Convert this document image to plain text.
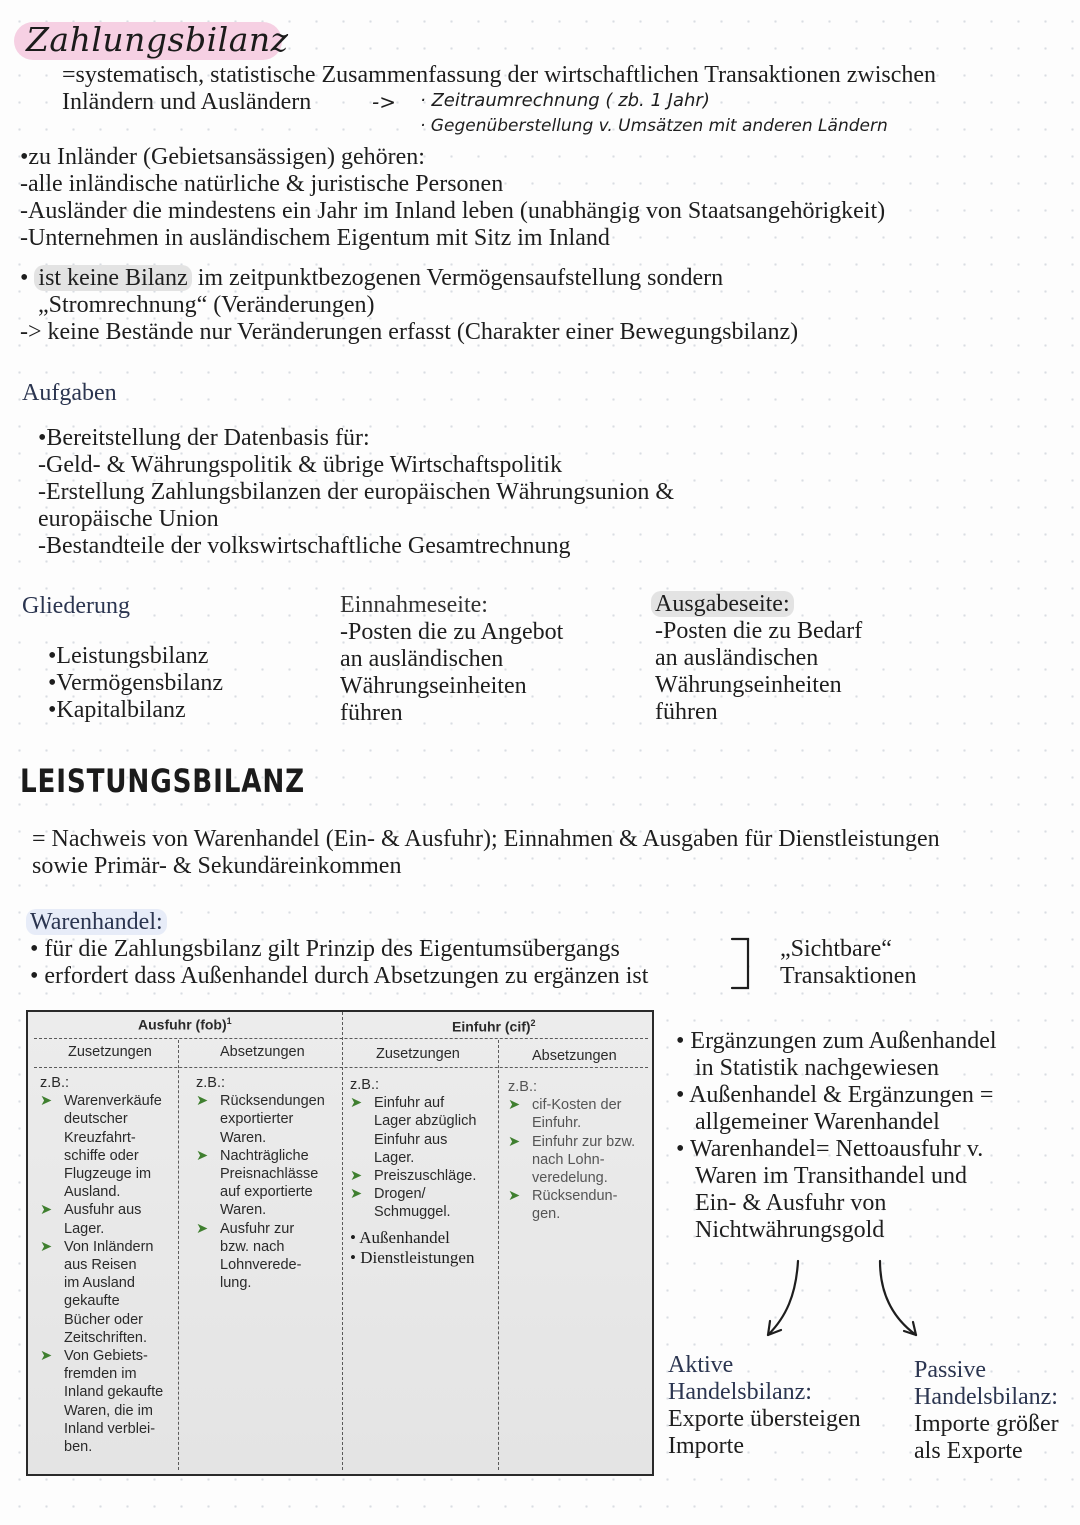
Zahlungsbilanz
=systematisch, statistische Zusammenfassung der wirtschaftlichen Transaktionen zwischen
Inländern und Ausländern	-> · Zeitraumrechnung ( zb. 1 Jahr)
· Gegenüberstellung v. Umsätzen mit anderen Ländern
•zu Inländer (Gebietsansässigen) gehören:
-alle inländische natürliche & juristische Personen
-Ausländer die mindestens ein Jahr im Inland leben (unabhängig von Staatsangehörigkeit)
-Unternehmen in ausländischem Eigentum mit Sitz im Inland
• ist keine Bilanz im zeitpunktbezogenen Vermögensaufstellung sondern
„Stromrechnung“ (Veränderungen)
-> keine Bestände nur Veränderungen erfasst (Charakter einer Bewegungsbilanz)
Aufgaben
•Bereitstellung der Datenbasis für:
-Geld- & Währungspolitik & übrige Wirtschaftspolitik
-Erstellung Zahlungsbilanzen der europäischen Währungsunion &
europäische Union
-Bestandteile der volkswirtschaftliche Gesamtrechnung
Gliederung
•Leistungsbilanz
•Vermögensbilanz
•Kapitalbilanz
Einnahmeseite:
-Posten die zu Angebot
an ausländischen
Währungseinheiten
führen
Ausgabeseite:
-Posten die zu Bedarf
an ausländischen
Währungseinheiten
führen
LEISTUNGSBILANZ
= Nachweis von Warenhandel (Ein- & Ausfuhr); Einnahmen & Ausgaben für Dienstleistungen
sowie Primär- & Sekundäreinkommen
Warenhandel:
• für die Zahlungsbilanz gilt Prinzip des Eigentumsübergangs
• erfordert dass Außenhandel durch Absetzungen zu ergänzen ist
„Sichtbare“
Transaktionen
Ausfuhr (fob)$^1$	Einfuhr (cif)$^2$
Zusetzungen	Absetzungen	Zusetzungen	Absetzungen
z.B.:
➤ Warenverkäufe
deutscher
Kreuzfahrt-
schiffe oder
Flugzeuge im
Ausland.
➤ Ausfuhr aus
Lager.
➤ Von Inländern
aus Reisen
im Ausland
gekaufte
Bücher oder
Zeitschriften.
➤ Von Gebiets-
fremden im
Inland gekaufte
Waren, die im
Inland verblei-
ben.
z.B.:
➤ Rücksendungen
exportierter
Waren.
➤ Nachträgliche
Preisnachlässe
auf exportierte
Waren.
➤ Ausfuhr zur
bzw. nach
Lohnverede-
lung.
z.B.:
➤ Einfuhr auf
Lager abzüglich
Einfuhr aus
Lager.
➤ Preiszuschläge.
➤ Drogen/
Schmuggel.
• Außenhandel
• Dienstleistungen
z.B.:
➤ cif-Kosten der
Einfuhr.
➤ Einfuhr zur bzw.
nach Lohn-
veredelung.
➤ Rücksendun-
gen.
• Ergänzungen zum Außenhandel
in Statistik nachgewiesen
• Außenhandel & Ergänzungen =
allgemeiner Warenhandel
• Warenhandel= Nettoausfuhr v.
Waren im Transithandel und
Ein- & Ausfuhr von
Nichtwährungsgold
Aktive
Handelsbilanz:
Exporte übersteigen
Importe
Passive
Handelsbilanz:
Importe größer
als Exporte
